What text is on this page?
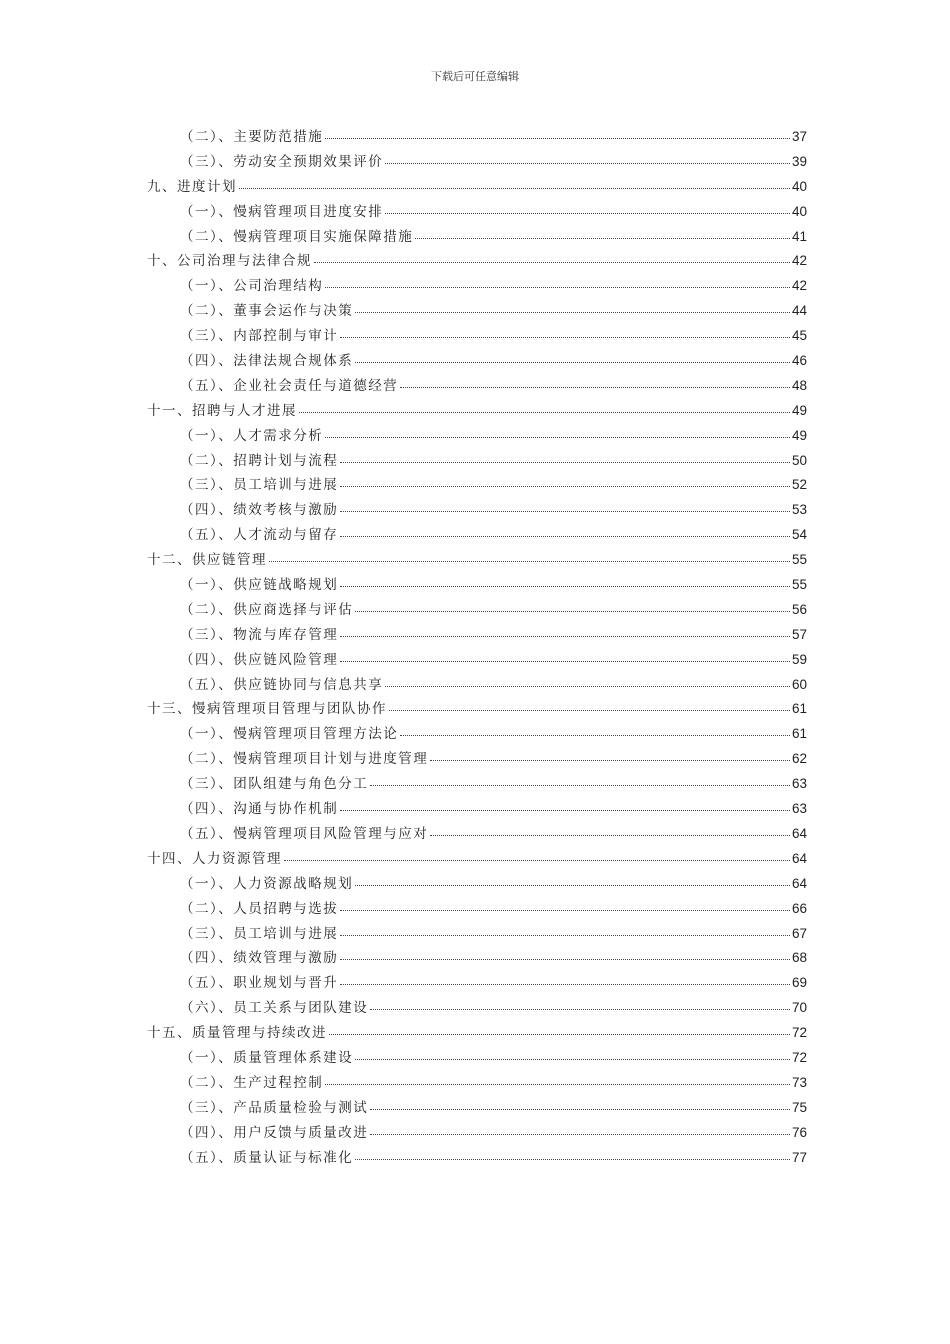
下载后可任意编辑
（二）、主要防范措施	37
（三）、劳动安全预期效果评价	39
九、进度计划	40
（一）、慢病管理项目进度安排	40
（二）、慢病管理项目实施保障措施	41
十、公司治理与法律合规	42
（一）、公司治理结构	42
（二）、董事会运作与决策	44
（三）、内部控制与审计	45
（四）、法律法规合规体系	46
（五）、企业社会责任与道德经营	48
十一、招聘与人才进展	49
（一）、人才需求分析	49
（二）、招聘计划与流程	50
（三）、员工培训与进展	52
（四）、绩效考核与激励	53
（五）、人才流动与留存	54
十二、供应链管理	55
（一）、供应链战略规划	55
（二）、供应商选择与评估	56
（三）、物流与库存管理	57
（四）、供应链风险管理	59
（五）、供应链协同与信息共享	60
十三、慢病管理项目管理与团队协作	61
（一）、慢病管理项目管理方法论	61
（二）、慢病管理项目计划与进度管理	62
（三）、团队组建与角色分工	63
（四）、沟通与协作机制	63
（五）、慢病管理项目风险管理与应对	64
十四、人力资源管理	64
（一）、人力资源战略规划	64
（二）、人员招聘与选拔	66
（三）、员工培训与进展	67
（四）、绩效管理与激励	68
（五）、职业规划与晋升	69
（六）、员工关系与团队建设	70
十五、质量管理与持续改进	72
（一）、质量管理体系建设	72
（二）、生产过程控制	73
（三）、产品质量检验与测试	75
（四）、用户反馈与质量改进	76
（五）、质量认证与标准化	77
